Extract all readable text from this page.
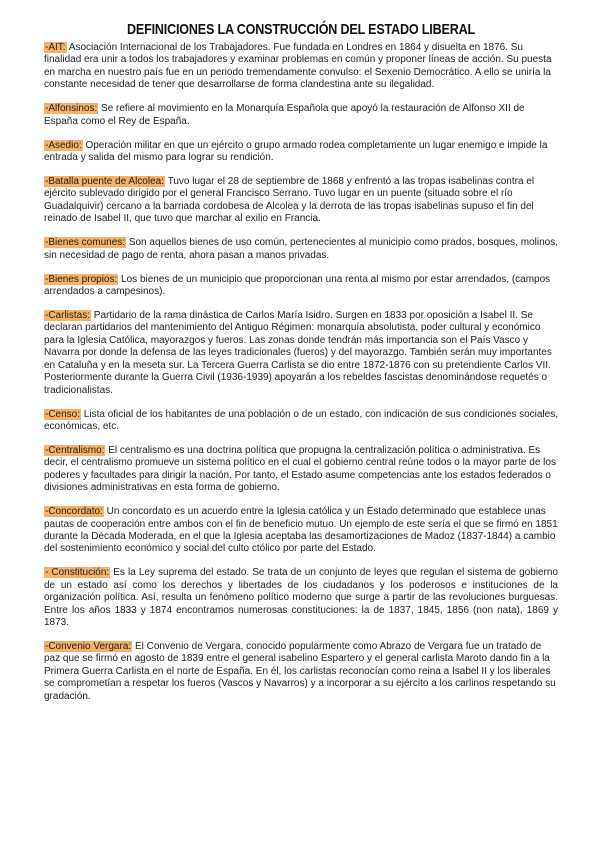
DEFINICIONES LA CONSTRUCCIÓN DEL ESTADO LIBERAL

-AIT: Asociación Internacional de los Trabajadores. Fue fundada en Londres en 1864 y disuelta en 1876. Su finalidad era unir a todos los trabajadores y examinar problemas en común y proponer líneas de acción. Su puesta en marcha en nuestro país fue en un periodo tremendamente convulso: el Sexenio Democrático. A ello se uniría la constante necesidad de tener que desarrollarse de forma clandestina ante su ilegalidad.

-Alfonsinos: Se refiere al movimiento en la Monarquía Española que apoyó la restauración de Alfonso XII de España como el Rey de España.

-Asedio: Operación militar en que un ejército o grupo armado rodea completamente un lugar enemigo e impide la entrada y salida del mismo para lograr su rendición.

-Batalla puente de Alcolea: Tuvo lugar el 28 de septiembre de 1868 y enfrentó a las tropas isabelinas contra el ejército sublevado dirigido por el general Francisco Serrano. Tuvo lugar en un puente (situado sobre el río Guadalquivir) cercano a la barriada cordobesa de Alcolea y la derrota de las tropas isabelinas supuso el fin del reinado de Isabel II, que tuvo que marchar al exilio en Francia.

-Bienes comunes: Son aquellos bienes de uso común, pertenecientes al municipio como prados, bosques, molinos, sin necesidad de pago de renta, ahora pasan a manos privadas.

-Bienes propios: Los bienes de un municipio que proporcionan una renta al mismo por estar arrendados, (campos arrendados a campesinos).

-Carlistas: Partidario de la rama dinástica de Carlos María Isidro. Surgen en 1833 por oposición a Isabel II. Se declaran partidarios del mantenimiento del Antiguo Régimen: monarquía absolutista, poder cultural y económico para la Iglesia Católica, mayorazgos y fueros. Las zonas donde tendrán más importancia son el País Vasco y Navarra por donde la defensa de las leyes tradicionales (fueros) y del mayorazgo. También serán muy importantes en Cataluña y en la meseta sur. La Tercera Guerra Carlista se dio entre 1872-1876 con su pretendiente Carlos VII. Posteriormente durante la Guerra Civil (1936-1939) apoyarán a los rebeldes fascistas denominándose requetés o tradicionalistas.

-Censo: Lista oficial de los habitantes de una población o de un estado, con indicación de sus condiciones sociales, económicas, etc.

-Centralismo: El centralismo es una doctrina política que propugna la centralización política o administrativa. Es decir, el centralismo promueve un sistema político en el cual el gobierno central reúne todos o la mayor parte de los poderes y facultades para dirigir la nación. Por tanto, el Estado asume competencias ante los estados federados o divisiones administrativas en esta forma de gobierno.

-Concordato: Un concordato es un acuerdo entre la Iglesia católica y un Estado determinado que establece unas pautas de cooperación entre ambos con el fin de beneficio mutuo. Un ejemplo de este sería el que se firmó en 1851 durante la Década Moderada, en el que la Iglesia aceptaba las desamortizaciones de Madoz (1837-1844) a cambio del sostenimiento económico y social del culto ctólico por parte del Estado.

- Constitución: Es la Ley suprema del estado. Se trata de un conjunto de leyes que regulan el sistema de gobierno de un estado así como los derechos y libertades de los ciudadanos y los poderosos e instituciones de la organización política. Así, resulta un fenómeno político moderno que surge a partir de las revoluciones burguesas. Entre los años 1833 y 1874 encontramos numerosas constituciones: la de 1837, 1845, 1856 (non nata), 1869 y 1873.

-Convenio Vergara: El Convenio de Vergara, conocido popularmente como Abrazo de Vergara fue un tratado de paz que se firmó en agosto de 1839 entre el general isabelino Espartero y el general carlista Maroto dando fin a la Primera Guerra Carlista en el norte de España. En él, los carlistas reconocían como reina a Isabel II y los liberales se comprometían a respetar los fueros (Vascos y Navarros) y a incorporar a su ejército a los carlinos respetando su gradación.
